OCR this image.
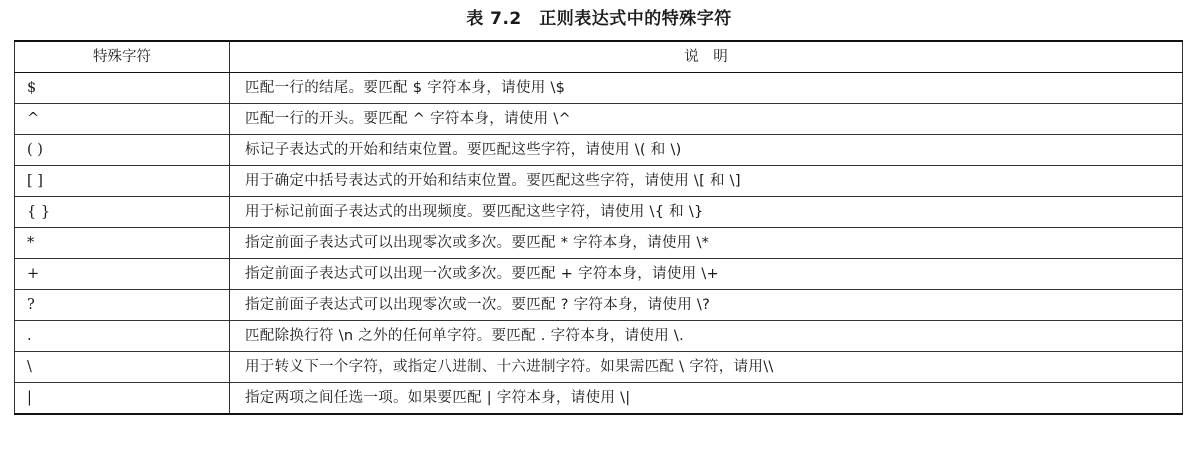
表 7.2　正则表达式中的特殊字符
特殊字符	说　明
$	匹配一行的结尾。要匹配 $ 字符本身，请使用 \$
^	匹配一行的开头。要匹配 ^ 字符本身，请使用 \^
( )	标记子表达式的开始和结束位置。要匹配这些字符，请使用 \( 和 \)
[ ]	用于确定中括号表达式的开始和结束位置。要匹配这些字符，请使用 \[ 和 \]
{ }	用于标记前面子表达式的出现频度。要匹配这些字符，请使用 \{ 和 \}
*	指定前面子表达式可以出现零次或多次。要匹配 * 字符本身，请使用 \*
+	指定前面子表达式可以出现一次或多次。要匹配 + 字符本身，请使用 \+
?	指定前面子表达式可以出现零次或一次。要匹配 ? 字符本身，请使用 \?
.	匹配除换行符 \n 之外的任何单字符。要匹配 . 字符本身，请使用 \.
\	用于转义下一个字符，或指定八进制、十六进制字符。如果需匹配 \ 字符，请用\\
|	指定两项之间任选一项。如果要匹配 | 字符本身，请使用 \|
